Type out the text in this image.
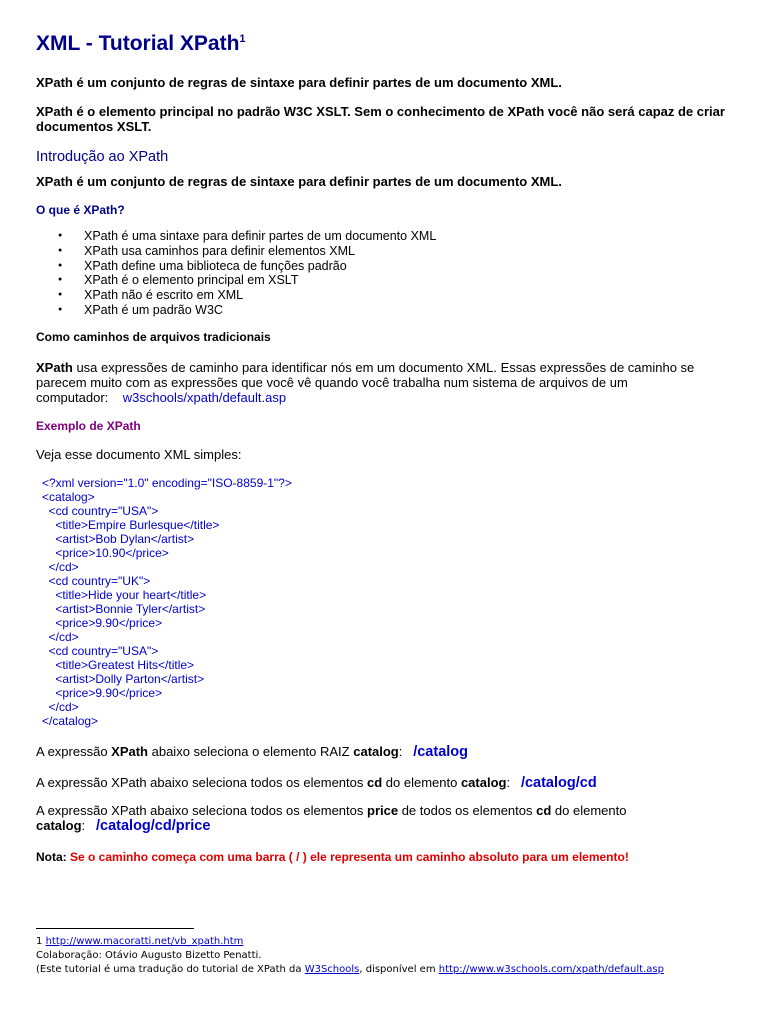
XML - Tutorial XPath$^1$
XPath é um conjunto de regras de sintaxe para definir partes de um documento XML.
XPath é o elemento principal no padrão W3C XSLT. Sem o conhecimento de XPath você não será capaz de criar documentos XSLT.
Introdução ao XPath
XPath é um conjunto de regras de sintaxe para definir partes de um documento XML.
O que é XPath?
● XPath é uma sintaxe para definir partes de um documento XML
● XPath usa caminhos para definir elementos XML
● XPath define uma biblioteca de funções padrão
● XPath é o elemento principal em XSLT
● XPath não é escrito em XML
● XPath é um padrão W3C
Como caminhos de arquivos tradicionais
XPath usa expressões de caminho para identificar nós em um documento XML. Essas expressões de caminho se parecem muito com as expressões que você vê quando você trabalha num sistema de arquivos de um computador: w3schools/xpath/default.asp
Exemplo de XPath
Veja esse documento XML simples:
<?xml version="1.0" encoding="ISO-8859-1"?>
<catalog>
<cd country="USA">
<title>Empire Burlesque</title>
<artist>Bob Dylan</artist>
<price>10.90</price>
</cd>
<cd country="UK">
<title>Hide your heart</title>
<artist>Bonnie Tyler</artist>
<price>9.90</price>
</cd>
<cd country="USA">
<title>Greatest Hits</title>
<artist>Dolly Parton</artist>
<price>9.90</price>
</cd>
</catalog>
A expressão XPath abaixo seleciona o elemento RAIZ catalog: /catalog
A expressão XPath abaixo seleciona todos os elementos cd do elemento catalog: /catalog/cd
A expressão XPath abaixo seleciona todos os elementos price de todos os elementos cd do elemento catalog: /catalog/cd/price
Nota: Se o caminho começa com uma barra ( / ) ele representa um caminho absoluto para um elemento!
1 http://www.macoratti.net/vb_xpath.htm
Colaboração: Otávio Augusto Bizetto Penatti.
(Este tutorial é uma tradução do tutorial de XPath da W3Schools, disponível em http://www.w3schools.com/xpath/default.asp
